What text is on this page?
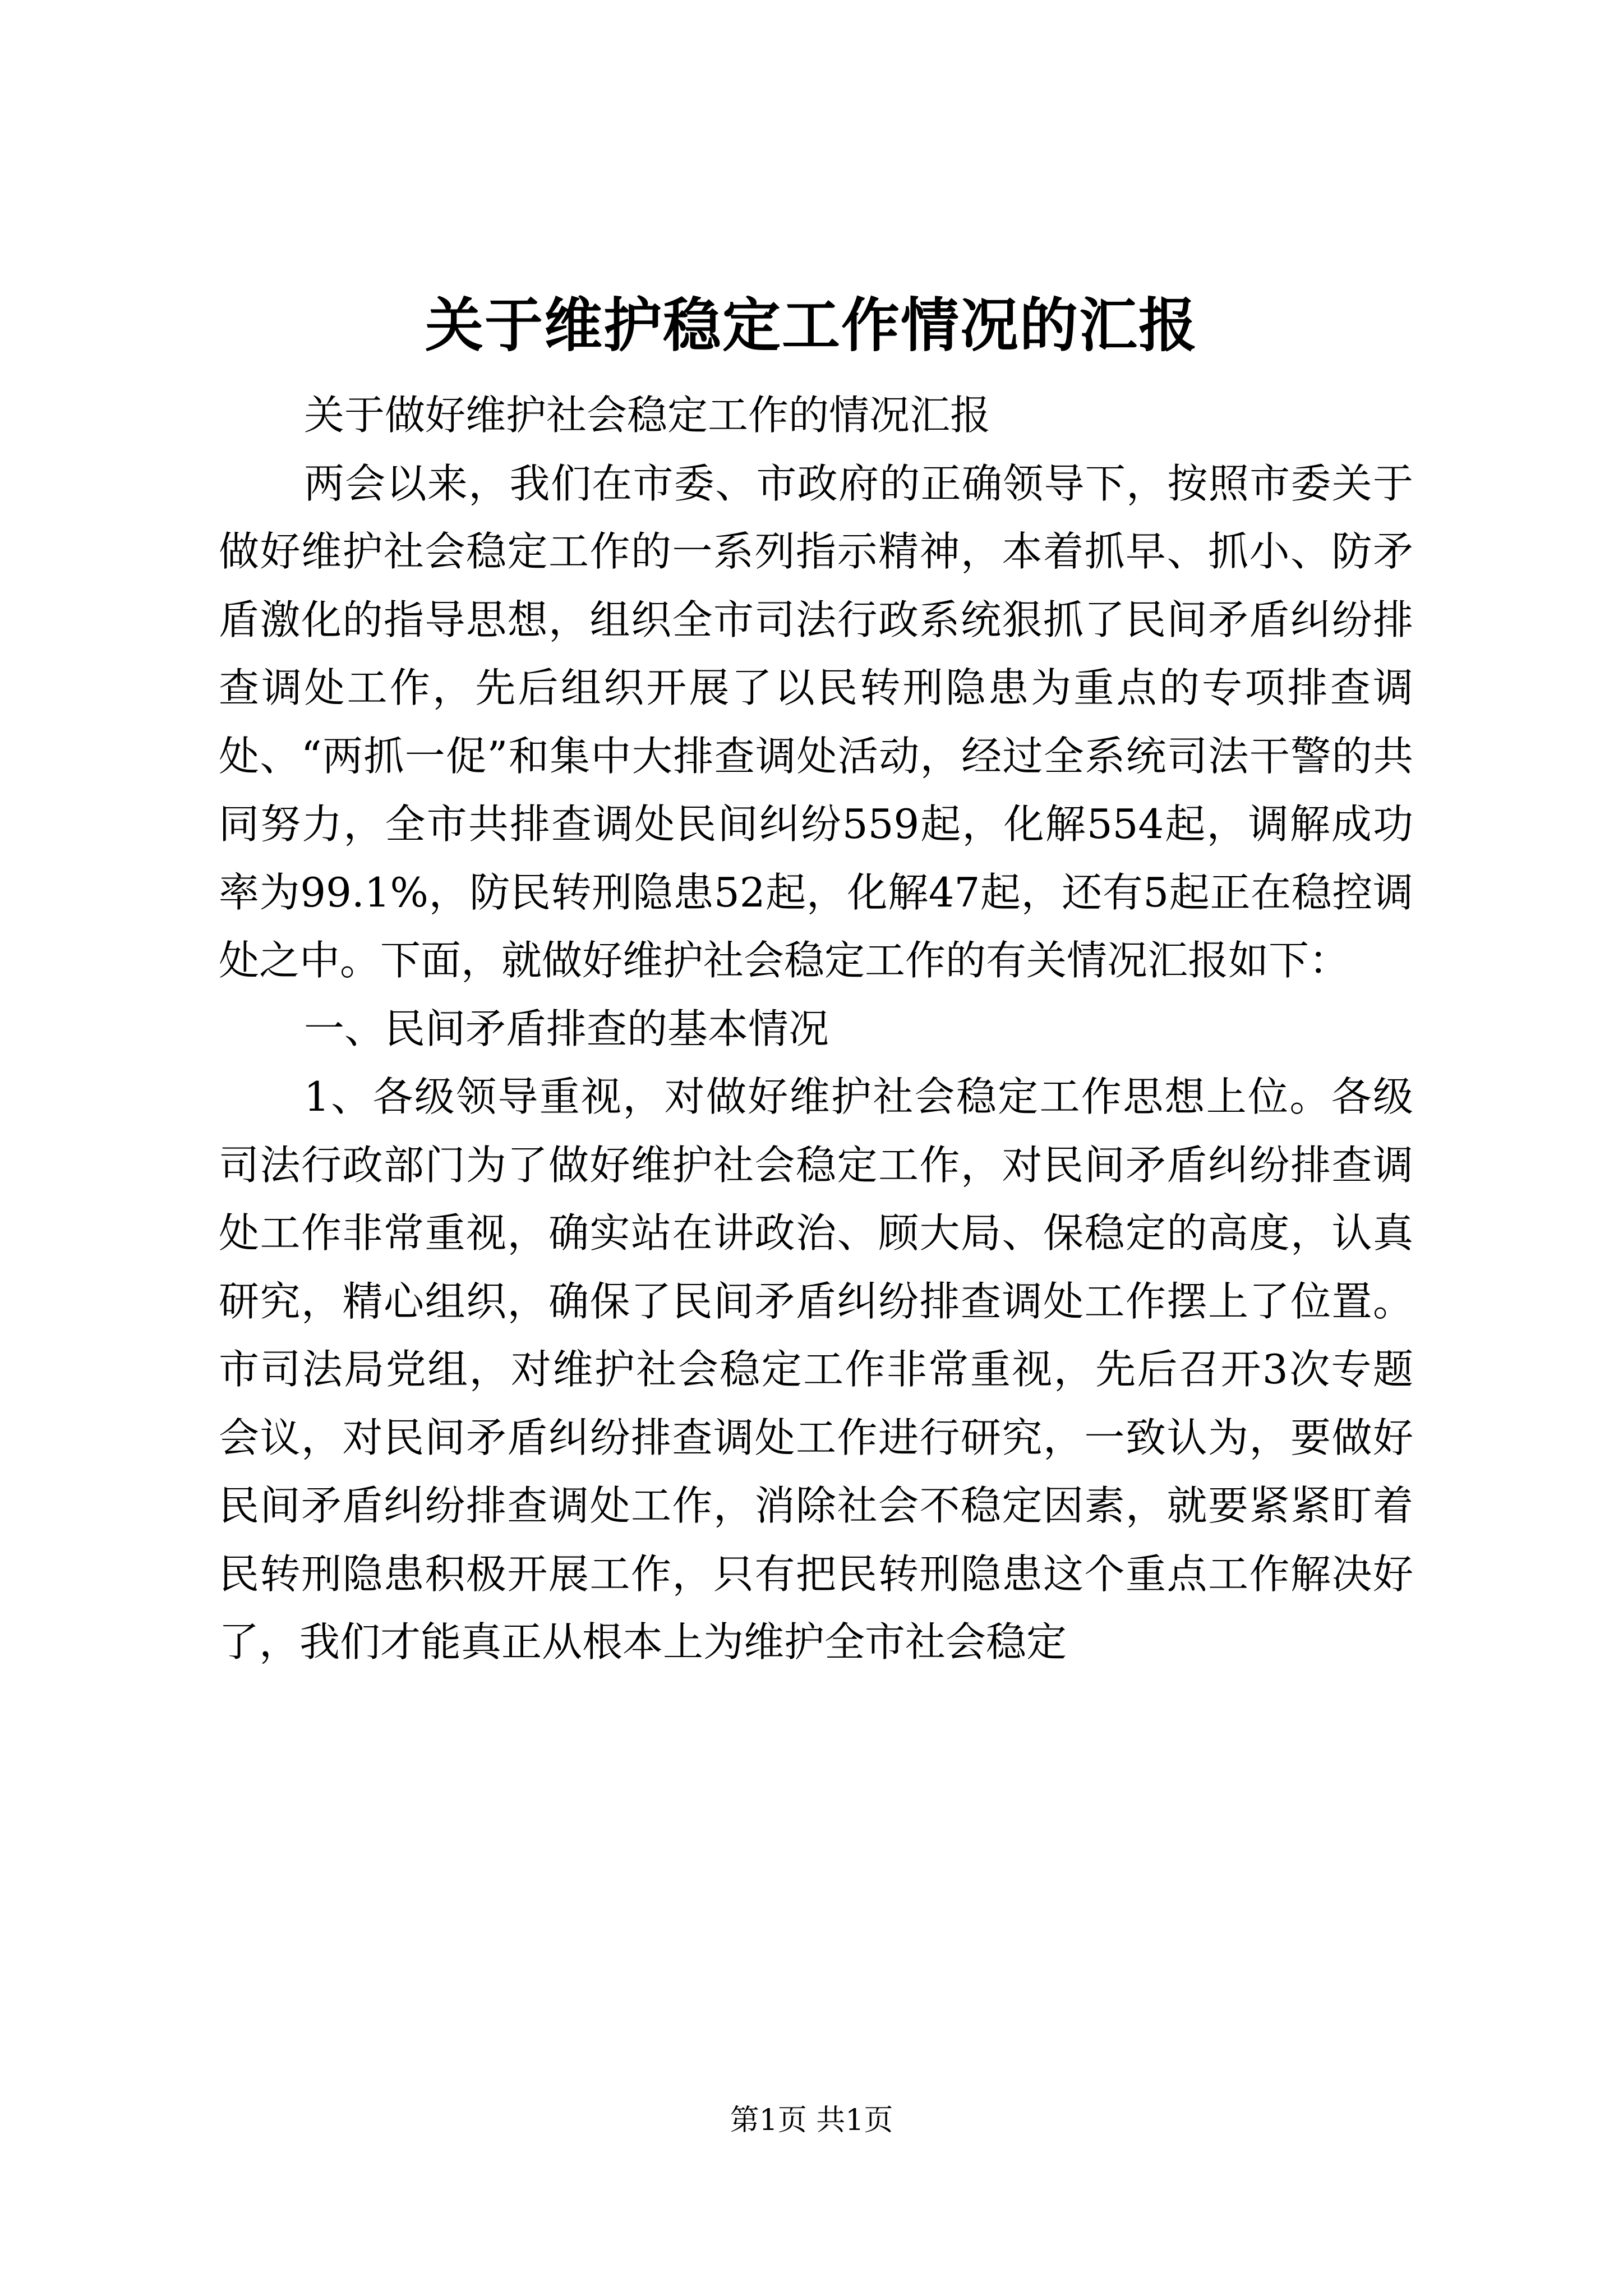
关于维护稳定工作情况的汇报

关于做好维护社会稳定工作的情况汇报

两会以来，我们在市委、市政府的正确领导下，按照市委关于做好维护社会稳定工作的一系列指示精神，本着抓早、抓小、防矛盾激化的指导思想，组织全市司法行政系统狠抓了民间矛盾纠纷排查调处工作，先后组织开展了以民转刑隐患为重点的专项排查调处、“两抓一促”和集中大排查调处活动，经过全系统司法干警的共同努力，全市共排查调处民间纠纷559起，化解554起，调解成功率为99.1%，防民转刑隐患52起，化解47起，还有5起正在稳控调处之中。下面，就做好维护社会稳定工作的有关情况汇报如下：

一、民间矛盾排查的基本情况

1、各级领导重视，对做好维护社会稳定工作思想上位。各级司法行政部门为了做好维护社会稳定工作，对民间矛盾纠纷排查调处工作非常重视，确实站在讲政治、顾大局、保稳定的高度，认真研究，精心组织，确保了民间矛盾纠纷排查调处工作摆上了位置。市司法局党组，对维护社会稳定工作非常重视，先后召开3次专题会议，对民间矛盾纠纷排查调处工作进行研究，一致认为，要做好民间矛盾纠纷排查调处工作，消除社会不稳定因素，就要紧紧盯着民转刑隐患积极开展工作，只有把民转刑隐患这个重点工作解决好了，我们才能真正从根本上为维护全市社会稳定

第1页 共1页
